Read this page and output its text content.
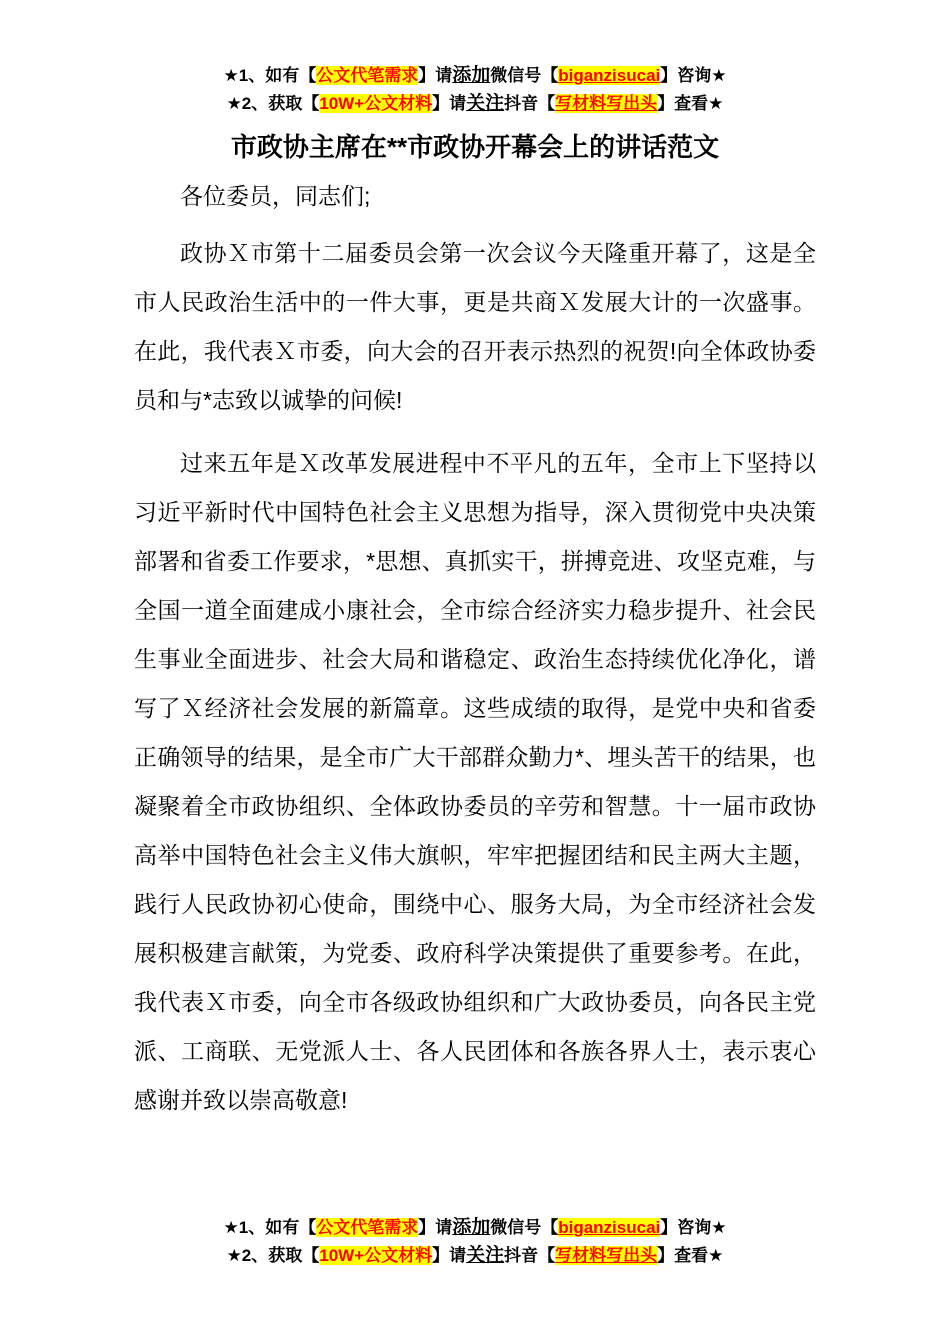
★1、如有【公文代笔需求】请添加微信号【biganzisucai】咨询★
★2、获取【10W+公文材料】请关注抖音【写材料写出头】查看★
市政协主席在**市政协开幕会上的讲话范文

各位委员，同志们;

政协Ｘ市第十二届委员会第一次会议今天隆重开幕了，这是全市人民政治生活中的一件大事，更是共商Ｘ发展大计的一次盛事。在此，我代表Ｘ市委，向大会的召开表示热烈的祝贺!向全体政协委员和与*志致以诚挚的问候!

过来五年是Ｘ改革发展进程中不平凡的五年，全市上下坚持以习近平新时代中国特色社会主义思想为指导，深入贯彻党中央决策部署和省委工作要求，*思想、真抓实干，拼搏竞进、攻坚克难，与全国一道全面建成小康社会，全市综合经济实力稳步提升、社会民生事业全面进步、社会大局和谐稳定、政治生态持续优化净化，谱写了Ｘ经济社会发展的新篇章。这些成绩的取得，是党中央和省委正确领导的结果，是全市广大干部群众勤力*、埋头苦干的结果，也凝聚着全市政协组织、全体政协委员的辛劳和智慧。十一届市政协高举中国特色社会主义伟大旗帜，牢牢把握团结和民主两大主题，践行人民政协初心使命，围绕中心、服务大局，为全市经济社会发展积极建言献策，为党委、政府科学决策提供了重要参考。在此，我代表Ｘ市委，向全市各级政协组织和广大政协委员，向各民主党派、工商联、无党派人士、各人民团体和各族各界人士，表示衷心感谢并致以崇高敬意!

★1、如有【公文代笔需求】请添加微信号【biganzisucai】咨询★
★2、获取【10W+公文材料】请关注抖音【写材料写出头】查看★
